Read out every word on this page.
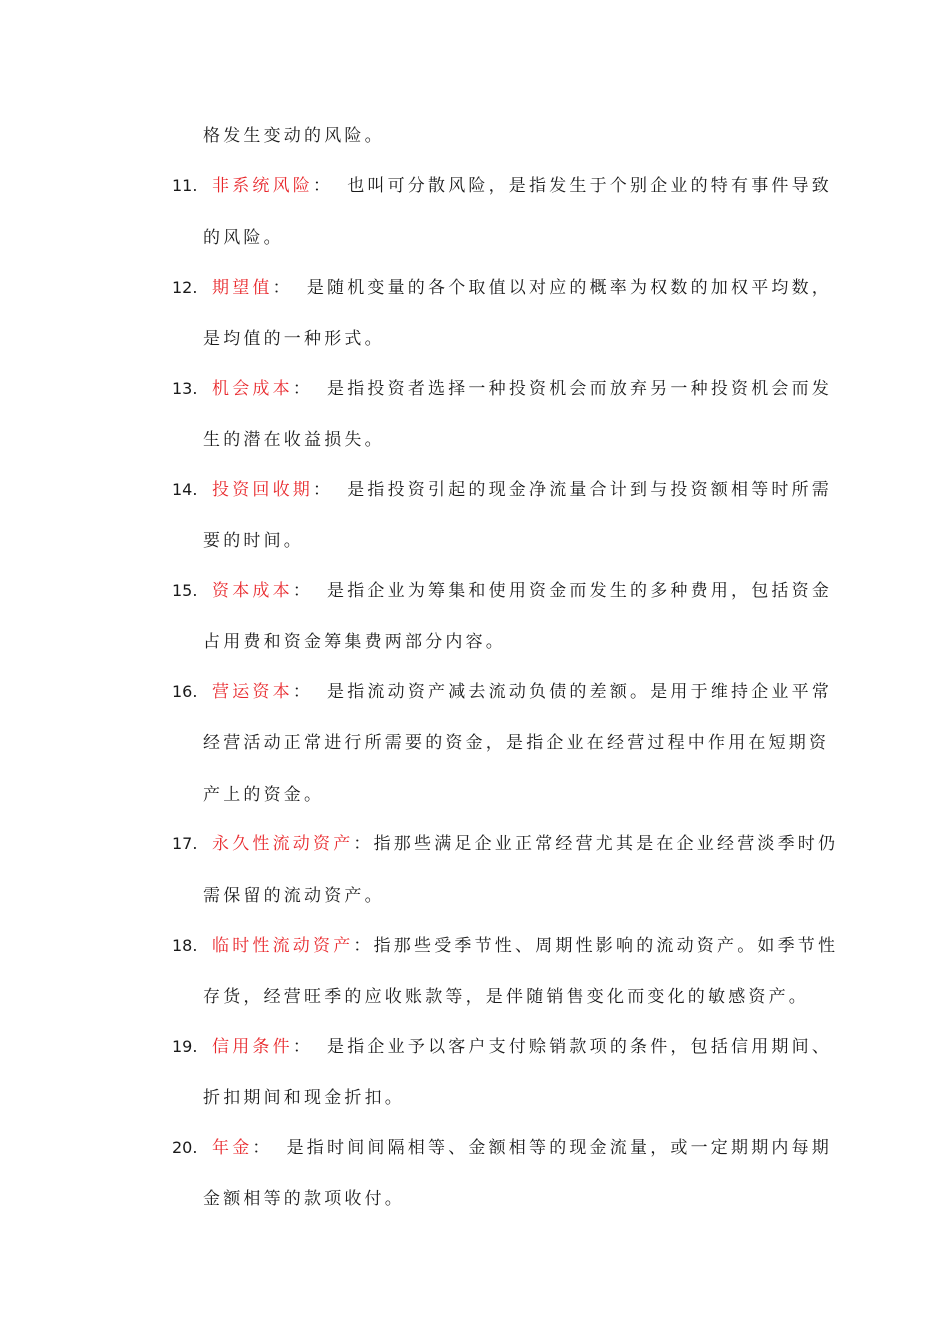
格发生变动的风险。
11. 非系统风险： 也叫可分散风险，是指发生于个别企业的特有事件导致
的风险。
12. 期望值： 是随机变量的各个取值以对应的概率为权数的加权平均数，
是均值的一种形式。
13. 机会成本： 是指投资者选择一种投资机会而放弃另一种投资机会而发
生的潜在收益损失。
14. 投资回收期： 是指投资引起的现金净流量合计到与投资额相等时所需
要的时间。
15. 资本成本： 是指企业为筹集和使用资金而发生的多种费用，包括资金
占用费和资金筹集费两部分内容。
16. 营运资本： 是指流动资产减去流动负债的差额。是用于维持企业平常
经营活动正常进行所需要的资金，是指企业在经营过程中作用在短期资
产上的资金。
17. 永久性流动资产：指那些满足企业正常经营尤其是在企业经营淡季时仍
需保留的流动资产。
18. 临时性流动资产：指那些受季节性、周期性影响的流动资产。如季节性
存货，经营旺季的应收账款等，是伴随销售变化而变化的敏感资产。
19. 信用条件： 是指企业予以客户支付赊销款项的条件，包括信用期间、
折扣期间和现金折扣。
20. 年金： 是指时间间隔相等、金额相等的现金流量，或一定期期内每期
金额相等的款项收付。
